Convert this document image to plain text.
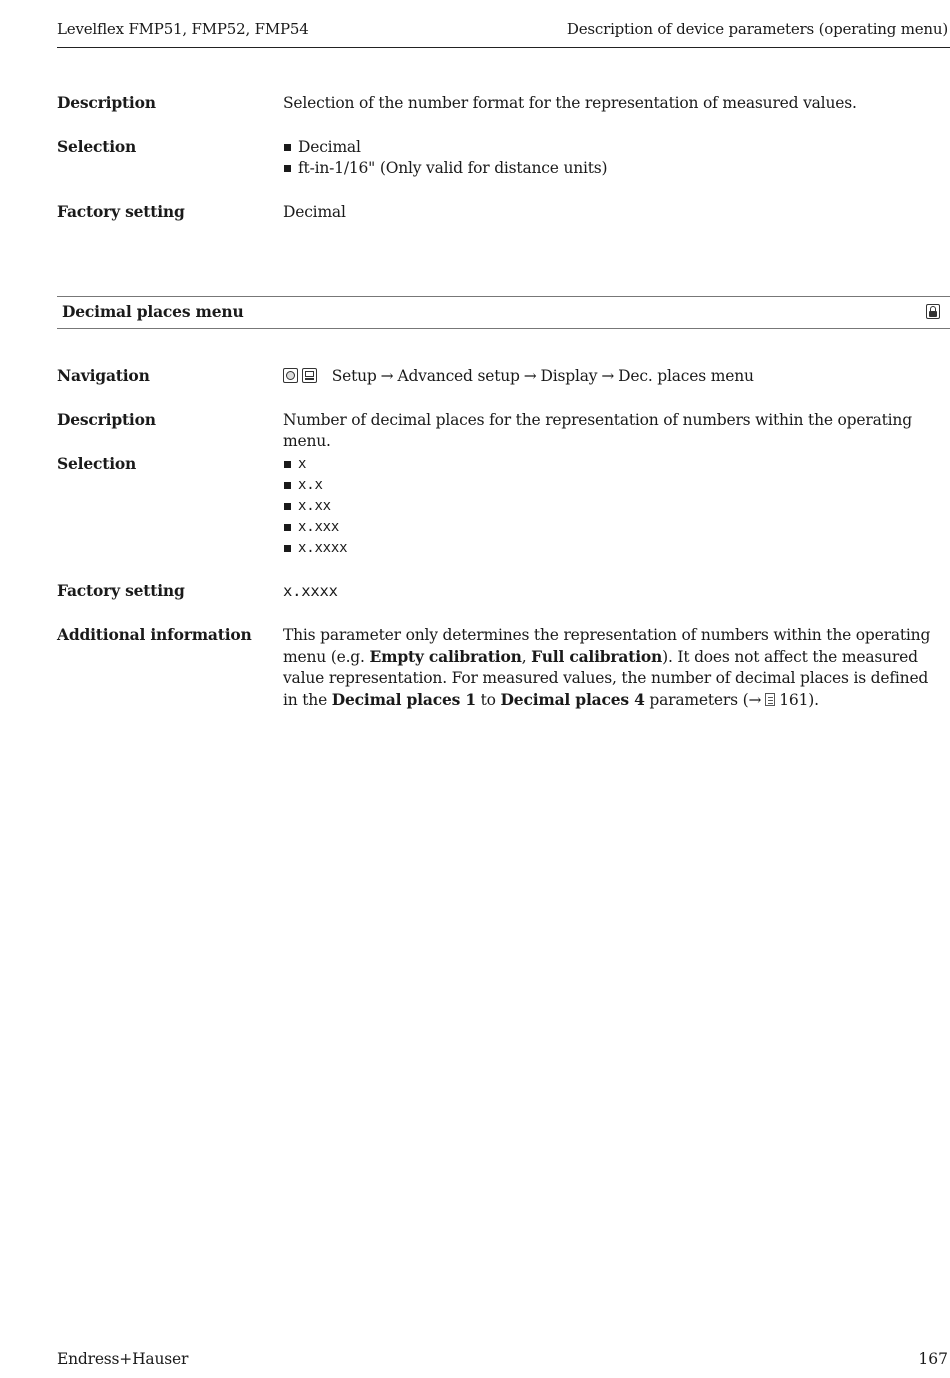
Levelflex FMP51, FMP52, FMP54	Description of device parameters (operating menu)
Description	Selection of the number format for the representation of measured values.
Selection	Decimal
ft-in-1/16" (Only valid for distance units)
Factory setting	Decimal
Decimal places menu
Navigation	Setup → Advanced setup → Display → Dec. places menu
Description	Number of decimal places for the representation of numbers within the operating menu.
Selection	x
x.x
x.xx
x.xxx
x.xxxx
Factory setting	x.xxxx
Additional information	This parameter only determines the representation of numbers within the operating menu (e.g. Empty calibration, Full calibration). It does not affect the measured value representation. For measured values, the number of decimal places is defined in the Decimal places 1 to Decimal places 4 parameters (→ 161).
Endress+Hauser	167
